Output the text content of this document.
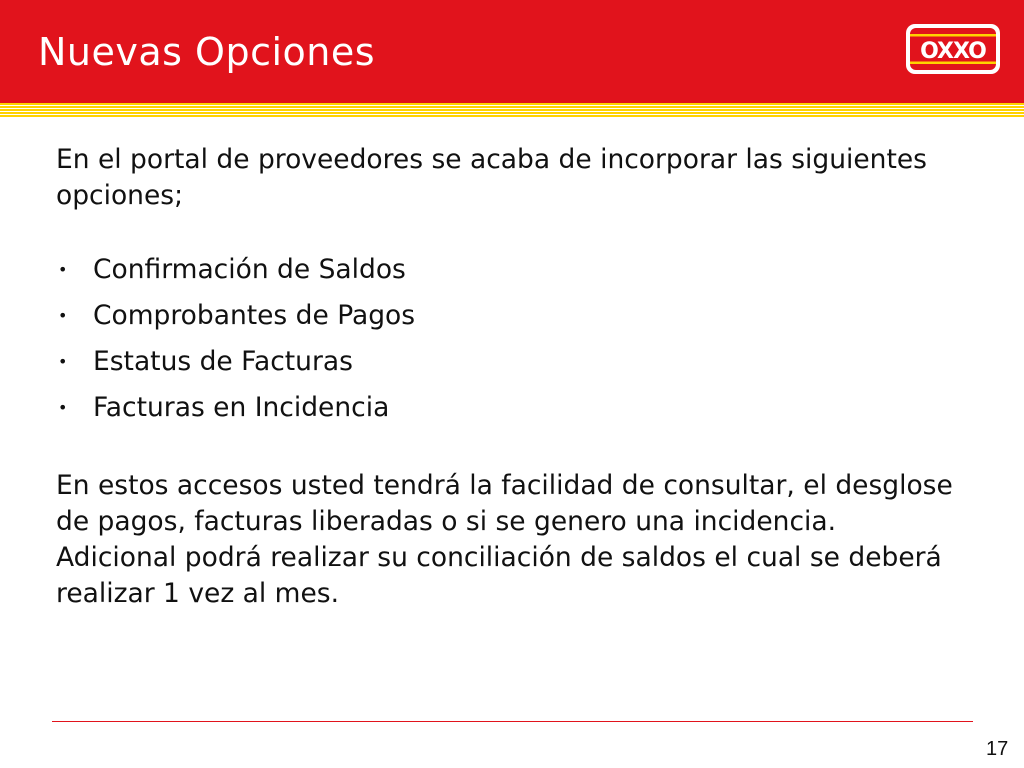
Nuevas Opciones	OXXO

En el portal de proveedores se acaba de incorporar las siguientes opciones;

• Confirmación de Saldos
• Comprobantes de Pagos
• Estatus de Facturas
• Facturas en Incidencia

En estos accesos usted tendrá la facilidad de consultar, el desglose de pagos, facturas liberadas o si se genero una incidencia. Adicional podrá realizar su conciliación de saldos el cual se deberá realizar 1 vez al mes.

17
